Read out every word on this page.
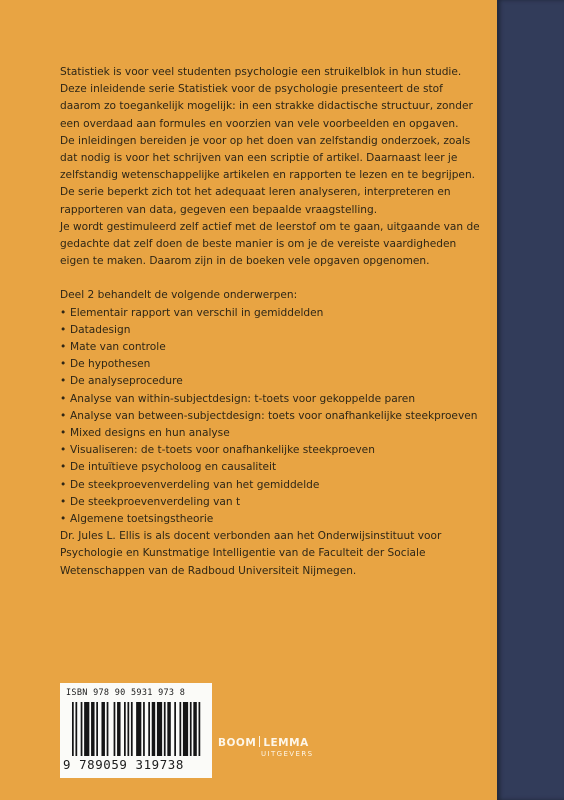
Statistiek is voor veel studenten psychologie een struikelblok in hun studie. Deze inleidende serie Statistiek voor de psychologie presenteert de stof daarom zo toegankelijk mogelijk: in een strakke didactische structuur, zonder een overdaad aan formules en voorzien van vele voorbeelden en opgaven.

De inleidingen bereiden je voor op het doen van zelfstandig onderzoek, zoals dat nodig is voor het schrijven van een scriptie of artikel. Daarnaast leer je zelfstandig wetenschappelijke artikelen en rapporten te lezen en te begrijpen. De serie beperkt zich tot het adequaat leren analyseren, interpreteren en rapporteren van data, gegeven een bepaalde vraagstelling.

Je wordt gestimuleerd zelf actief met de leerstof om te gaan, uitgaande van de gedachte dat zelf doen de beste manier is om je de vereiste vaardigheden eigen te maken. Daarom zijn in de boeken vele opgaven opgenomen.

Deel 2 behandelt de volgende onderwerpen:

• Elementair rapport van verschil in gemiddelden
• Datadesign
• Mate van controle
• De hypothesen
• De analyseprocedure
• Analyse van within-subjectdesign: t-toets voor gekoppelde paren
• Analyse van between-subjectdesign: toets voor onafhankelijke steekproeven
• Mixed designs en hun analyse
• Visualiseren: de t-toets voor onafhankelijke steekproeven
• De intuïtieve psycholoog en causaliteit
• De steekproevenverdeling van het gemiddelde
• De steekproevenverdeling van t
• Algemene toetsingstheorie

Dr. Jules L. Ellis is als docent verbonden aan het Onderwijsinstituut voor Psychologie en Kunstmatige Intelligentie van de Faculteit der Sociale Wetenschappen van de Radboud Universiteit Nijmegen.

ISBN 978 90 5931 973 8
9 789059 319738
BOOM LEMMA
UITGEVERS
